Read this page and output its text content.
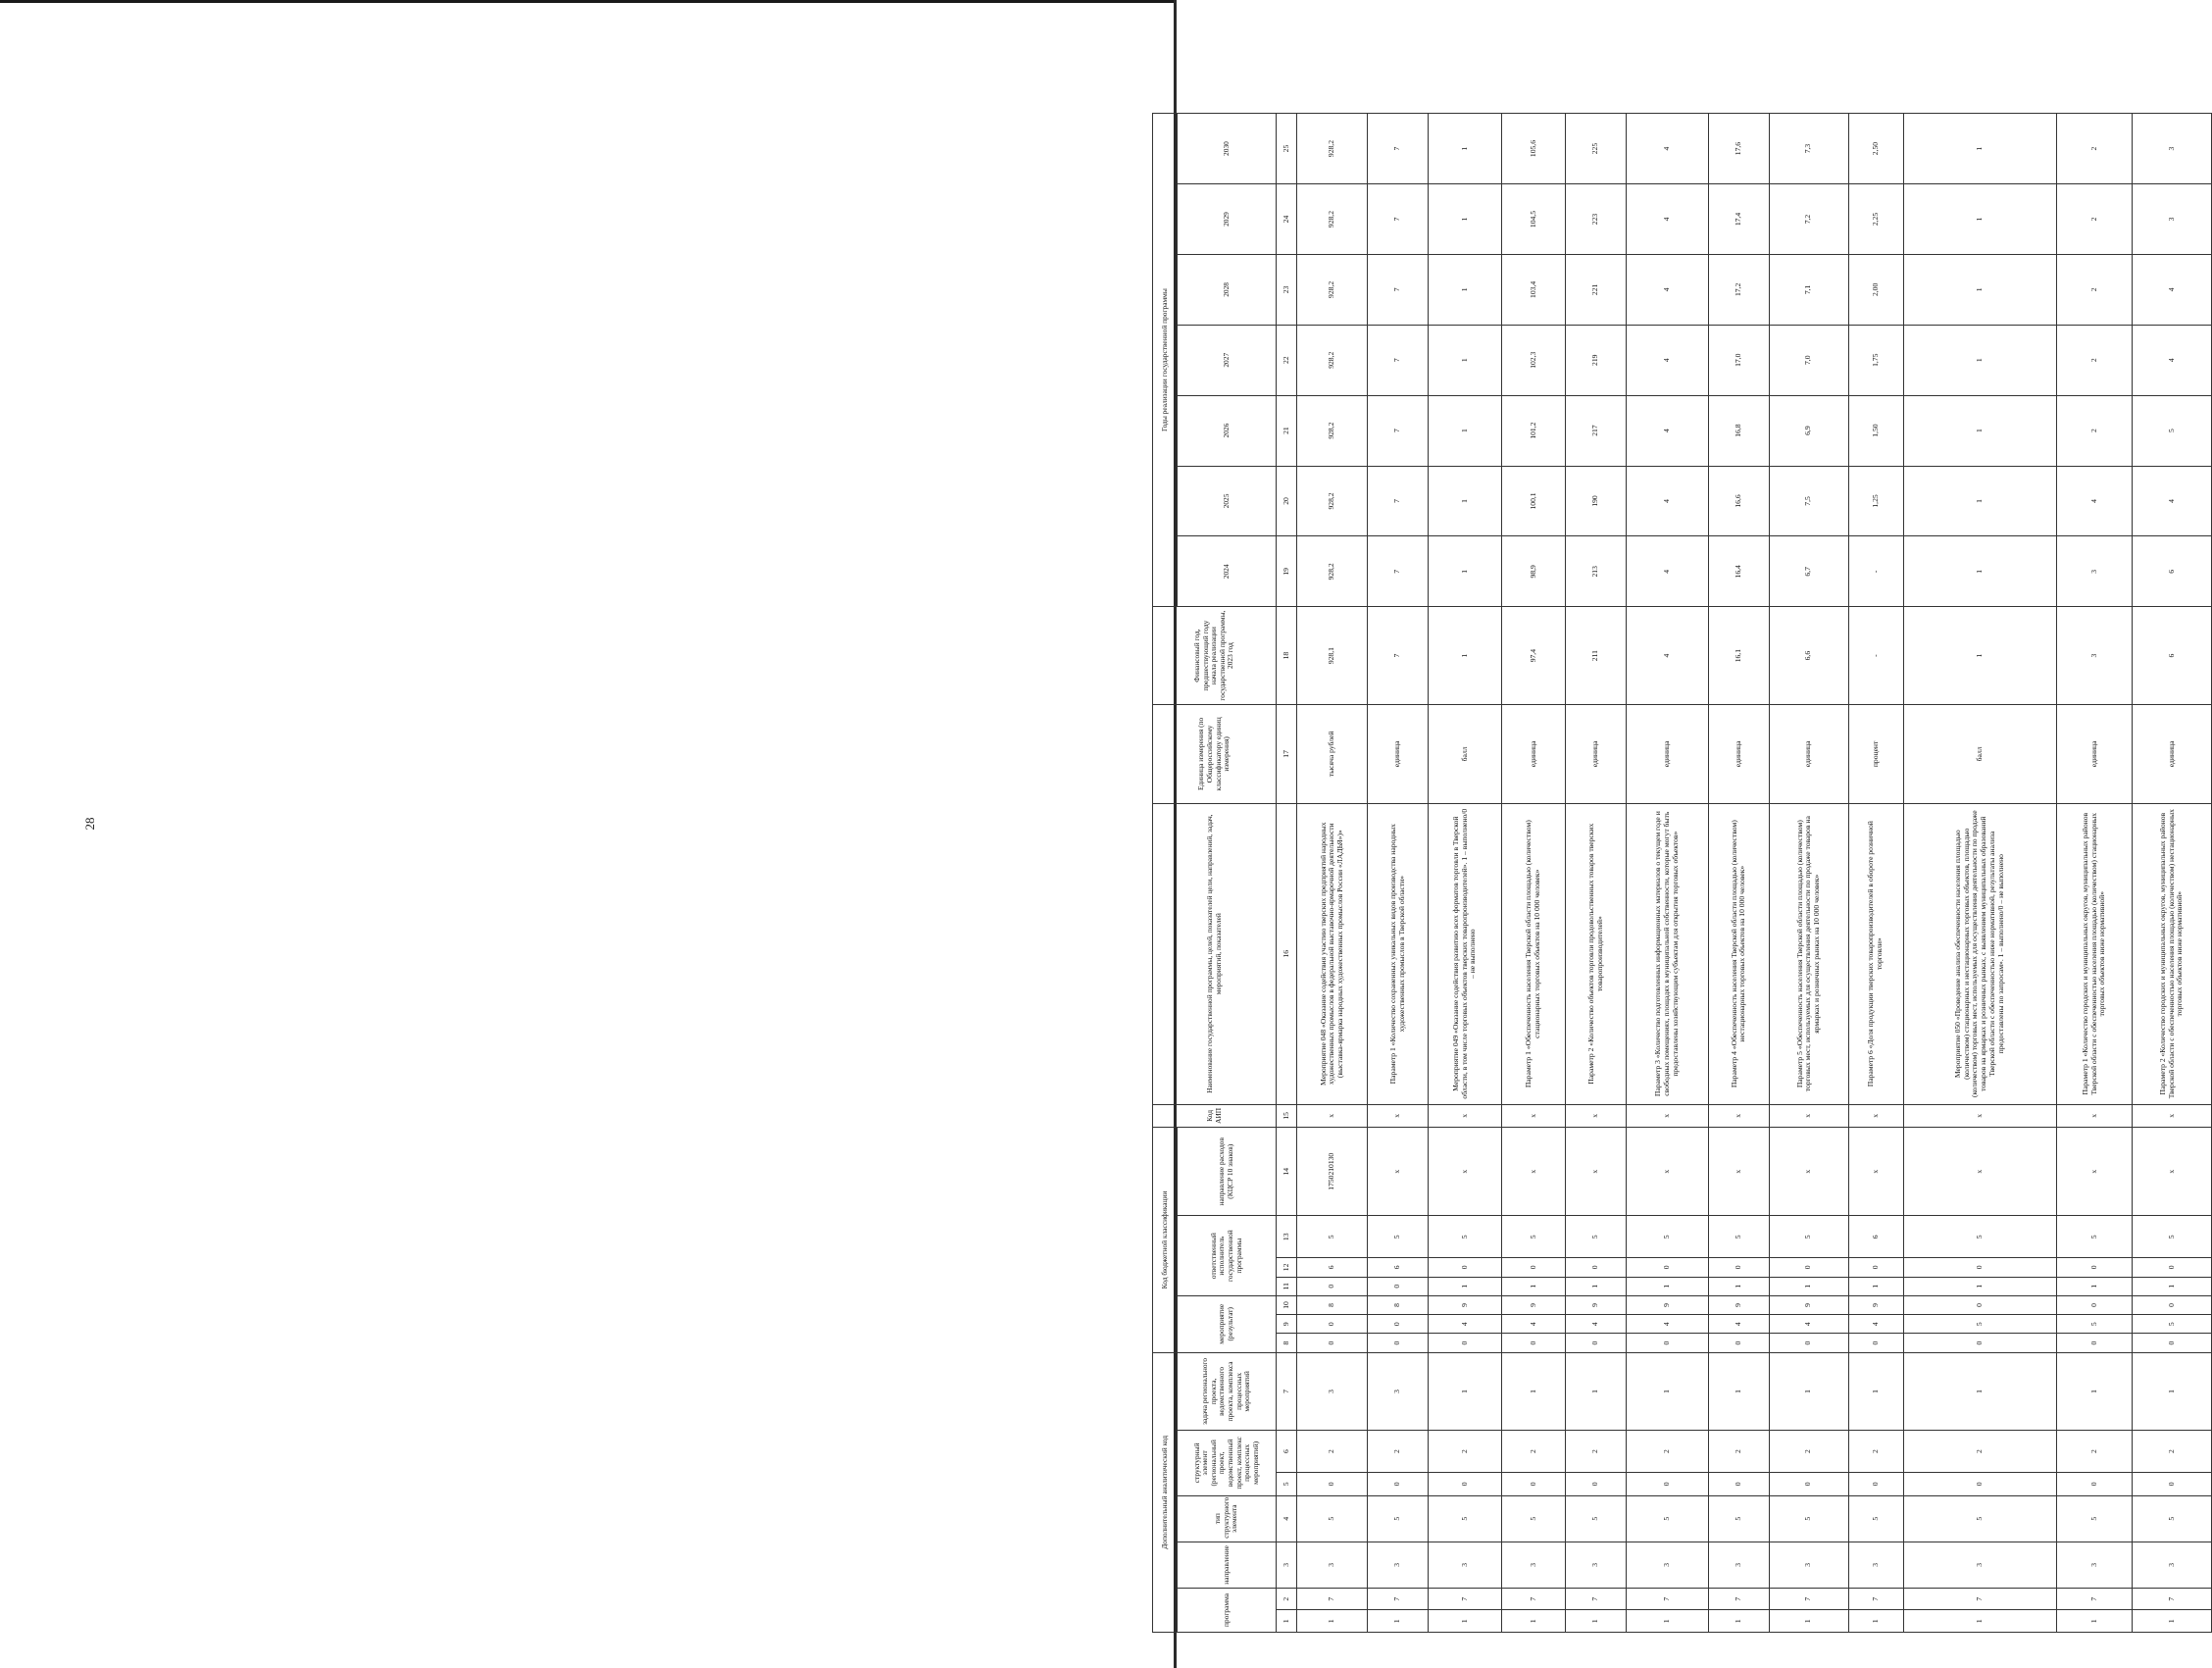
28
Дополнительный аналитический код							Код бюджетной классификации							Код АИП	Наименование государственной программы, целей, показателей цели, направлений, задач, мероприятий, показателей	Единица измерения (по Общероссийскому классификатору единиц измерения)	Финансовый год, предшествующий году начала реализации государственной программы, 2023 год	Годы реализации государственной программы						
программа		направление	тип структурного элемента	структурный элемент (региональный проект, ведомственный проект, комплекс процессных мероприятий)		задача регионального проекта, ведомственного проекта, комплекса процессных мероприятий	мероприятие (результат)			ответственный исполнитель государственной программы			направление расходов (КЦСР 10 знаков)					2024	2025	2026	2027	2028	2029	2030

1	2	3	4	5	6	7	8	9	10	11	12	13	14	15	16	17	18	19	20	21	22	23	24	25
1	7	3	5	0	2	3	0	0	8	0	6	5	1750210130	х	Мероприятие 048 «Оказание содействия участию тверских предприятий народных художественных промыслов в федеральной выставочно-ярмарочной деятельности (выставка-ярмарка народных художественных промыслов России «ЛАДЬЯ»)»	тысяча рублей	928,1	928,2	928,2	928,2	928,2	928,2	928,2	928,2
1	7	3	5	0	2	3	0	0	8	0	6	5	х	х	Параметр 1 «Количество сохраненных уникальных видов производства народных художественных промыслов в Тверской области»	единица	7	7	7	7	7	7	7	7
1	7	3	5	0	2	1	0	4	9	1	0	5	х	х	Мероприятие 049 «Оказание содействия развитию всех форматов торговли в Тверской области, в том числе торговых объектов тверских товаропроизводителей». 1 – выполнено/0 – не выполнено	балл	1	1	1	1	1	1	1	1
1	7	3	5	0	2	1	0	4	9	1	0	5	х	х	Параметр 1 «Обеспеченность населения Тверской области площадью (количеством) стационарных торговых объектов на 10 000 человек»	единица	97,4	98,9	100,1	101,2	102,3	103,4	104,5	105,6
1	7	3	5	0	2	1	0	4	9	1	0	5	х	х	Параметр 2 «Количество объектов торговли продовольственных товаров тверских товаропроизводителей»	единица	211	213	190	217	219	221	223	225
1	7	3	5	0	2	1	0	4	9	1	0	5	х	х	Параметр 3 «Количество подготовленных информационных материалов о текущем годе и свободных помещениях, площадях в муниципальной собственности, которые могут быть предоставлены хозяйствующим субъектам для открытия торговых объектов»	единица	4	4	4	4	4	4	4	4
1	7	3	5	0	2	1	0	4	9	1	0	5	х	х	Параметр 4 «Обеспеченность населения Тверской области площадью (количеством) нестационарных торговых объектов на 10 000 человек»	единица	16,1	16,4	16,6	16,8	17,0	17,2	17,4	17,6
1	7	3	5	0	2	1	0	4	9	1	0	5	х	х	Параметр 5 «Обеспеченность населения Тверской области площадью (количеством) торговых мест, используемых для осуществления деятельности по продаже товаров на ярмарках и розничных рынках на 10 000 человек»	единица	6,6	6,7	7,5	6,9	7,0	7,1	7,2	7,3
1	7	3	5	0	2	1	0	4	9	1	0	6	х	х	Параметр 6 «Доля продукции тверских товаропроизводителей в обороте розничной торговли»	процент	-	-	1,25	1,50	1,75	2,00	2,25	2,50
1	7	3	5	0	2	1	0	5	0	1	0	5	х	х	Мероприятие 050 «Проведение анализа обеспеченности населения площадью (количеством) стационарных и нестационарных торговых объектов, площадью (количеством) торговых мест, используемых для осуществления деятельности по продаже товаров на ярмарках и розничных рынках, с выявлением муниципальных образований Тверской области с обеспеченностью ниже нормативной, результаты анализа предоставлены по запросам». 1 – выполнено/0 – не выполнено	балл	1	1	1	1	1	1	1	1
1	7	3	5	0	2	1	0	5	0	1	0	5	х	х	Параметр 1 «Количество городских и муниципальных округов, муниципальных районов Тверской области с обеспеченностью населения площадью (количеством) стационарных торговых объектов ниже нормативной»	единица	3	3	4	2	2	2	2	2
1	7	3	5	0	2	1	0	5	0	1	0	5	х	х	Параметр 2 «Количество городских и муниципальных округов, муниципальных районов Тверской области с обеспеченностью населения площадью (количеством) нестационарных торговых объектов ниже нормативной»	единица	6	6	4	5	4	4	3	3
